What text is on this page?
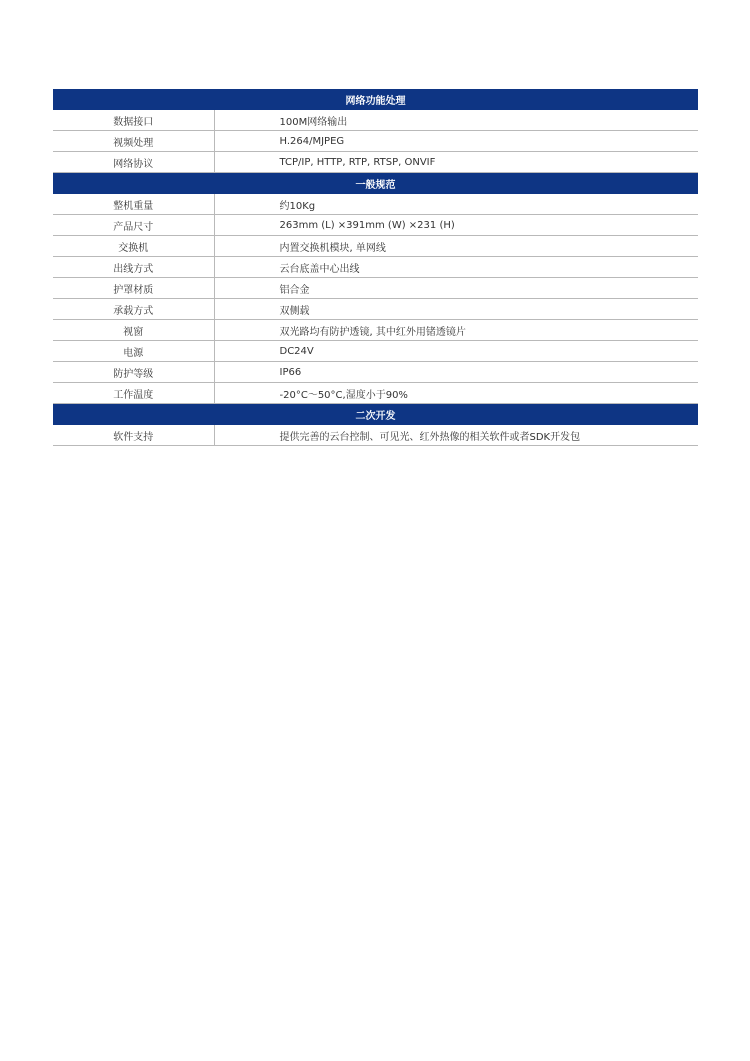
网络功能处理	
数据接口	100M网络输出
视频处理	H.264/MJPEG
网络协议	TCP/IP, HTTP, RTP, RTSP, ONVIF
一般规范	
整机重量	约10Kg
产品尺寸	263mm (L) ×391mm (W) ×231 (H)
交换机	内置交换机模块, 单网线
出线方式	云台底盖中心出线
护罩材质	铝合金
承载方式	双侧载
视窗	双光路均有防护透镜, 其中红外用锗透镜片
电源	DC24V
防护等级	IP66
工作温度	-20°C～50°C,湿度小于90%
二次开发	
软件支持	提供完善的云台控制、可见光、红外热像的相关软件或者SDK开发包
